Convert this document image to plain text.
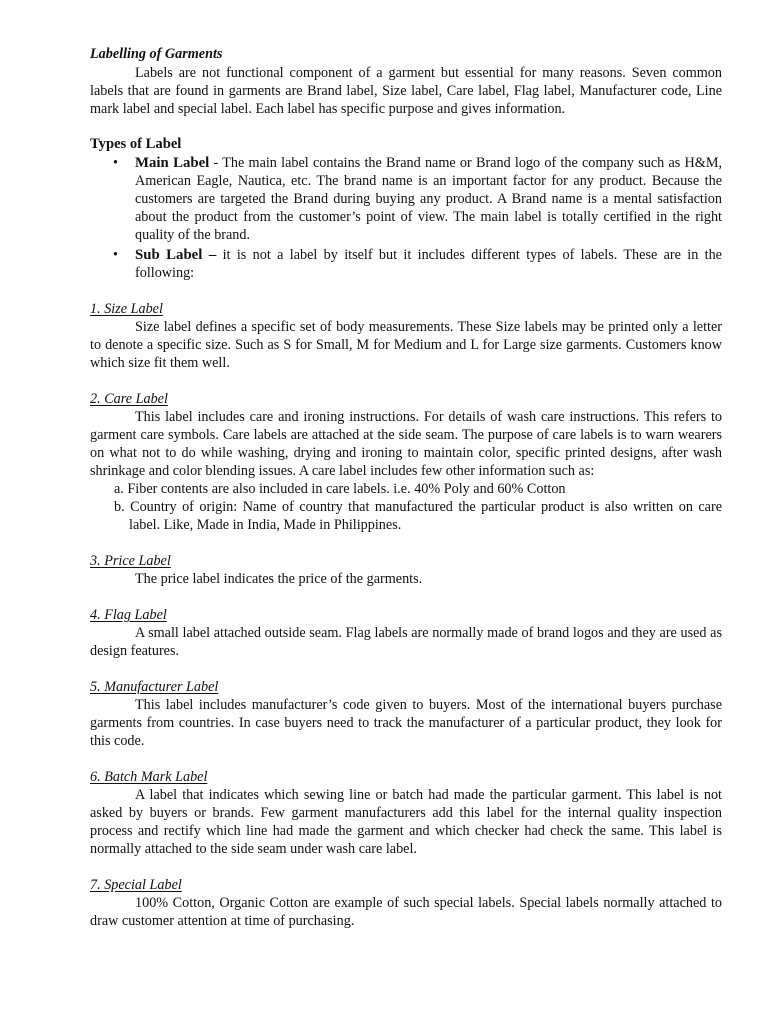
Labelling of Garments

Labels are not functional component of a garment but essential for many reasons. Seven common labels that are found in garments are Brand label, Size label, Care label, Flag label, Manufacturer code, Line mark label and special label. Each label has specific purpose and gives information.

Types of Label

• Main Label - The main label contains the Brand name or Brand logo of the company such as H&M, American Eagle, Nautica, etc. The brand name is an important factor for any product. Because the customers are targeted the Brand during buying any product. A Brand name is a mental satisfaction about the product from the customer’s point of view. The main label is totally certified in the right quality of the brand.
• Sub Label – it is not a label by itself but it includes different types of labels. These are in the following:

1. Size Label

Size label defines a specific set of body measurements. These Size labels may be printed only a letter to denote a specific size. Such as S for Small, M for Medium and L for Large size garments. Customers know which size fit them well.

2. Care Label

This label includes care and ironing instructions. For details of wash care instructions. This refers to garment care symbols. Care labels are attached at the side seam. The purpose of care labels is to warn wearers on what not to do while washing, drying and ironing to maintain color, specific printed designs, after wash shrinkage and color blending issues. A care label includes few other information such as:

a. Fiber contents are also included in care labels. i.e. 40% Poly and 60% Cotton
b. Country of origin: Name of country that manufactured the particular product is also written on care label. Like, Made in India, Made in Philippines.

3. Price Label

The price label indicates the price of the garments.

4. Flag Label

A small label attached outside seam. Flag labels are normally made of brand logos and they are used as design features.

5. Manufacturer Label

This label includes manufacturer’s code given to buyers. Most of the international buyers purchase garments from countries. In case buyers need to track the manufacturer of a particular product, they look for this code.

6. Batch Mark Label

A label that indicates which sewing line or batch had made the particular garment. This label is not asked by buyers or brands. Few garment manufacturers add this label for the internal quality inspection process and rectify which line had made the garment and which checker had check the same. This label is normally attached to the side seam under wash care label.

7. Special Label

100% Cotton, Organic Cotton are example of such special labels. Special labels normally attached to draw customer attention at time of purchasing.
